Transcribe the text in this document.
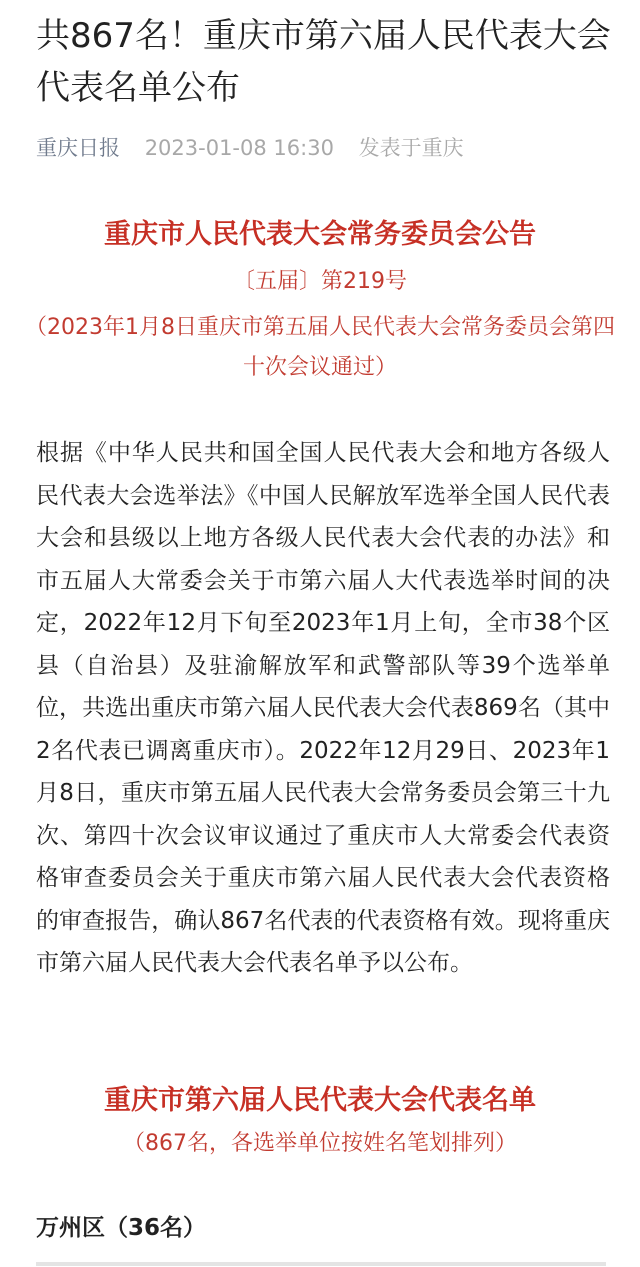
共867名！重庆市第六届人民代表大会代表名单公布
重庆日报 2023-01-08 16:30 发表于重庆
重庆市人民代表大会常务委员会公告
〔五届〕第219号
（2023年1月8日重庆市第五届人民代表大会常务委员会第四十次会议通过）
根据《中华人民共和国全国人民代表大会和地方各级人民代表大会选举法》《中国人民解放军选举全国人民代表大会和县级以上地方各级人民代表大会代表的办法》和市五届人大常委会关于市第六届人大代表选举时间的决定，2022年12月下旬至2023年1月上旬，全市38个区县（自治县）及驻渝解放军和武警部队等39个选举单位，共选出重庆市第六届人民代表大会代表869名（其中2名代表已调离重庆市）。2022年12月29日、2023年1月8日，重庆市第五届人民代表大会常务委员会第三十九次、第四十次会议审议通过了重庆市人大常委会代表资格审查委员会关于重庆市第六届人民代表大会代表资格的审查报告，确认867名代表的代表资格有效。现将重庆市第六届人民代表大会代表名单予以公布。
重庆市第六届人民代表大会代表名单
（867名，各选举单位按姓名笔划排列）
万州区（36名）
